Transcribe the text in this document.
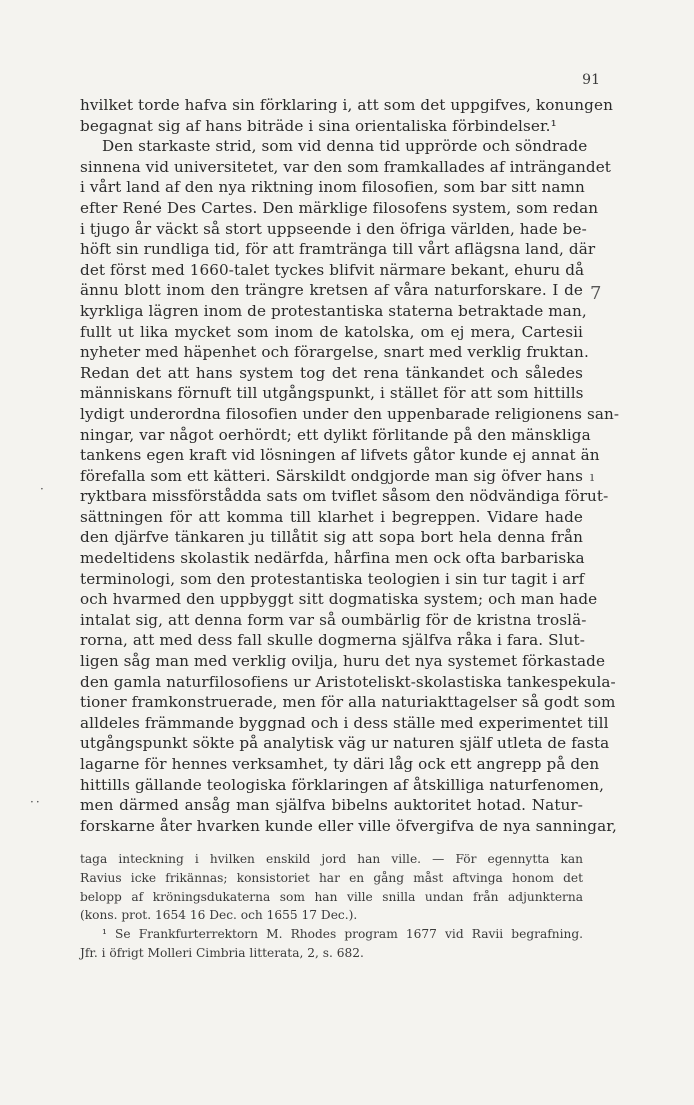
91
hvilket torde hafva sin förklaring i, att som det uppgifves, konungen
begagnat sig af hans biträde i sina orientaliska förbindelser.¹
Den starkaste strid, som vid denna tid upprörde och söndrade
sinnena vid universitetet, var den som framkallades af inträngandet
i vårt land af den nya riktning inom filosofien, som bar sitt namn
efter René Des Cartes. Den märklige filosofens system, som redan
i tjugo år väckt så stort uppseende i den öfriga världen, hade be-
höft sin rundliga tid, för att framtränga till vårt aflägsna land, där
det först med 1660-talet tyckes blifvit närmare bekant, ehuru då
ännu blott inom den trängre kretsen af våra naturforskare. I de
kyrkliga lägren inom de protestantiska staterna betraktade man,
fullt ut lika mycket som inom de katolska, om ej mera, Cartesii
nyheter med häpenhet och förargelse, snart med verklig fruktan.
Redan det att hans system tog det rena tänkandet och således
människans förnuft till utgångspunkt, i stället för att som hittills
lydigt underordna filosofien under den uppenbarade religionens san-
ningar, var något oerhördt; ett dylikt förlitande på den mänskliga
tankens egen kraft vid lösningen af lifvets gåtor kunde ej annat än
förefalla som ett kätteri. Särskildt ondgjorde man sig öfver hans
ryktbara missförstådda sats om tviflet såsom den nödvändiga förut-
sättningen för att komma till klarhet i begreppen. Vidare hade
den djärfve tänkaren ju tillåtit sig att sopa bort hela denna från
medeltidens skolastik nedärfda, hårfina men ock ofta barbariska
terminologi, som den protestantiska teologien i sin tur tagit i arf
och hvarmed den uppbyggt sitt dogmatiska system; och man hade
intalat sig, att denna form var så oumbärlig för de kristna troslä-
rorna, att med dess fall skulle dogmerna själfva råka i fara. Slut-
ligen såg man med verklig ovilja, huru det nya systemet förkastade
den gamla naturfilosofiens ur Aristoteliskt-skolastiska tankespekula-
tioner framkonstruerade, men för alla naturiakttagelser så godt som
alldeles främmande byggnad och i dess ställe med experimentet till
utgångspunkt sökte på analytisk väg ur naturen själf utleta de fasta
lagarne för hennes verksamhet, ty däri låg ock ett angrepp på den
hittills gällande teologiska förklaringen af åtskilliga naturfenomen,
men därmed ansåg man själfva bibelns auktoritet hotad. Natur-
forskarne åter hvarken kunde eller ville öfvergifva de nya sanningar,
taga inteckning i hvilken enskild jord han ville. — För egennytta kan
Ravius icke frikännas; konsistoriet har en gång måst aftvinga honom det
belopp af kröningsdukaterna som han ville snilla undan från adjunkterna
(kons. prot. 1654 16 Dec. och 1655 17 Dec.).
¹ Se Frankfurterrektorn M. Rhodes program 1677 vid Ravii begrafning.
Jfr. i öfrigt Molleri Cimbria litterata, 2, s. 682.
7
ı
·
··
